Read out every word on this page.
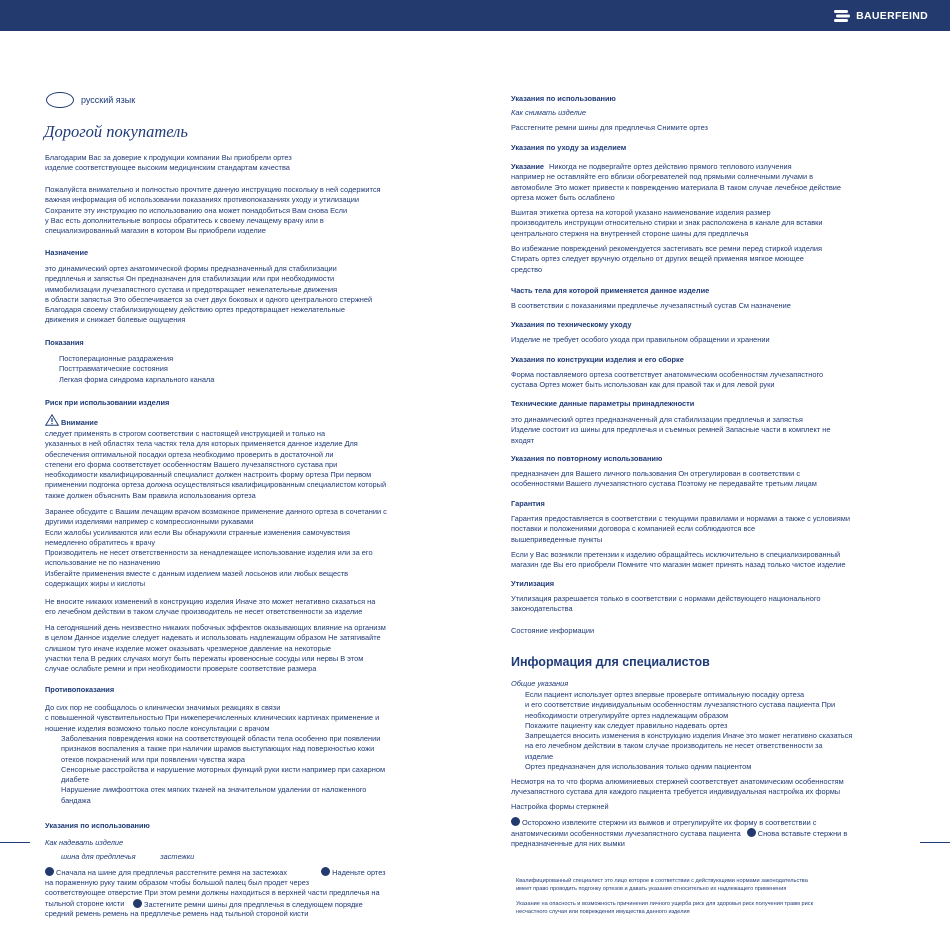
BAUERFEIND
русский язык
Дорогой покупатель
Благодарим Вас за доверие к продукции компании Вы приобрели ортез
изделие соответствующее высоким медицинским стандартам качества
Пожалуйста внимательно и полностью прочтите данную инструкцию поскольку в ней содержится
важная информация об использовании показаниях противопоказаниях уходу и утилизации
Сохраните эту инструкцию по использованию она может понадобиться Вам снова Если
у Вас есть дополнительные вопросы обратитесь к своему лечащему врачу или в
специализированный магазин в котором Вы приобрели изделие
Назначение
это динамический ортез анатомической формы предназначенный для стабилизации
предплечья и запястья Он предназначен для стабилизации или при необходимости
иммобилизации лучезапястного сустава и предотвращает нежелательные движения
в области запястья Это обеспечивается за счет двух боковых и одного центрального стержней
Благодаря своему стабилизирующему действию ортез предотвращает нежелательные
движения и снижает болевые ощущения
Показания
Постоперационные раздражения
Посттравматические состояния
Легкая форма синдрома карпального канала
Риск при использовании изделия
Внимание
следует применять в строгом соответствии с настоящей инструкцией и только на
указанных в ней областях тела частях тела для которых применяется данное изделие Для
обеспечения оптимальной посадки ортеза необходимо проверить в достаточной ли
степени его форма соответствует особенностям Вашего лучезапястного сустава при
необходимости квалифицированный специалист должен настроить форму ортеза При первом
применении подгонка ортеза должна осуществляться квалифицированным специалистом который
также должен объяснить Вам правила использования ортеза
Заранее обсудите с Вашим лечащим врачом возможное применение данного ортеза в сочетании с
другими изделиями например с компрессионными рукавами
Если жалобы усиливаются или если Вы обнаружили странные изменения самочувствия
немедленно обратитесь к врачу
Производитель не несет ответственности за ненадлежащее использование изделия или за его
использование не по назначению
Избегайте применения вместе с данным изделием мазей лосьонов или любых веществ
содержащих жиры и кислоты
Не вносите никаких изменений в конструкцию изделия Иначе это может негативно сказаться на
его лечебном действии в таком случае производитель не несет ответственности за изделие
На сегодняшний день неизвестно никаких побочных эффектов оказывающих влияние на организм
в целом Данное изделие следует надевать и использовать надлежащим образом Не затягивайте
слишком туго иначе изделие может оказывать чрезмерное давление на некоторые
участки тела В редких случаях могут быть пережаты кровеносные сосуды или нервы В этом
случае ослабьте ремни и при необходимости проверьте соответствие размера
Противопоказания
До сих пор не сообщалось о клинически значимых реакциях в связи
с повышенной чувствительностью При нижеперечисленных клинических картинах применение и
ношение изделия возможно только после консультации с врачом
Заболевания повреждения кожи на соответствующей области тела особенно при появлении
признаков воспаления а также при наличии шрамов выступающих над поверхностью кожи
отеков покраснений или при появлении чувства жара
Сенсорные расстройства и нарушение моторных функций руки кисти например при сахарном
диабете
Нарушение лимфооттока отек мягких тканей на значительном удалении от наложенного
бандажа
Указания по использованию
Как надевать изделие
шина для предплечья            застежки
Сначала на шине для предплечья расстегните ремня на застежках	Наденьте ортез
на пораженную руку таким образом чтобы большой палец был продет через
соответствующее отверстие При этом ремни должны находиться в верхней части предплечья на
тыльной стороне кисти	Застегните ремни шины для предплечья в следующем порядке
средний ремень ремень на предплечье ремень над тыльной стороной кисти
Указания по использованию
Как снимать изделие
Расстегните ремни шины для предплечья Снимите ортез
Указания по уходу за изделием
Указание Никогда не подвергайте ортез действию прямого теплового излучения
например не оставляйте его вблизи обогревателей под прямыми солнечными лучами в
автомобиле Это может привести к повреждению материала В таком случае лечебное действие
ортеза может быть ослаблено
Вшитая этикетка ортеза на которой указано наименование изделия размер
производитель инструкции относительно стирки и знак расположена в канале для вставки
центрального стержня на внутренней стороне шины для предплечья
Во избежание повреждений рекомендуется застегивать все ремни перед стиркой изделия
Стирать ортез следует вручную отдельно от других вещей применяя мягкое моющее
средство
Часть тела для которой применяется данное изделие
В соответствии с показаниями предплечье лучезапястный сустав См назначение
Указания по техническому уходу
Изделие не требует особого ухода при правильном обращении и хранении
Указания по конструкции изделия и его сборке
Форма поставляемого ортеза соответствует анатомическим особенностям лучезапястного
сустава Ортез может быть использован как для правой так и для левой руки
Технические данные параметры принадлежности
это динамический ортез предназначенный для стабилизации предплечья и запястья
Изделие состоит из шины для предплечья и съемных ремней Запасные части в комплект не
входят
Указания по повторному использованию
предназначен для Вашего личного пользования Он отрегулирован в соответствии с
особенностями Вашего лучезапястного сустава Поэтому не передавайте третьим лицам
Гарантия
Гарантия предоставляется в соответствии с текущими правилами и нормами а также с условиями
поставки и положениями договора с компанией если соблюдаются все
вышеприведенные пункты
Если у Вас возникли претензии к изделию обращайтесь исключительно в специализированный
магазин где Вы его приобрели Помните что магазин может принять назад только чистое изделие
Утилизация
Утилизация разрешается только в соответствии с нормами действующего национального
законодательства
Состояние информации
Информация для специалистов
Общие указания
Если пациент использует ортез впервые проверьте оптимальную посадку ортеза
и его соответствие индивидуальным особенностям лучезапястного сустава пациента При
необходимости отрегулируйте ортез надлежащим образом
Покажите пациенту как следует правильно надевать ортез
Запрещается вносить изменения в конструкцию изделия Иначе это может негативно сказаться
на его лечебном действии в таком случае производитель не несет ответственности за
изделие
Ортез предназначен для использования только одним пациентом
Несмотря на то что форма алюминиевых стержней соответствует анатомическим особенностям
лучезапястного сустава для каждого пациента требуется индивидуальная настройка их формы
Настройка формы стержней
Осторожно извлеките стержни из вымков и отрегулируйте их форму в соответствии с
анатомическими особенностями лучезапястного сустава пациента Снова вставьте стержни в
предназначенные для них вымки
Квалифицированный специалист это лицо которое в соответствии с действующими нормами законодательства
имеет право проводить подгонку ортезов и давать указания относительно их надлежащего применения
Указание на опасность и возможность причинения личного ущерба риск для здоровья риск получения травм риск
несчастного случая или повреждения имущества данного изделия
